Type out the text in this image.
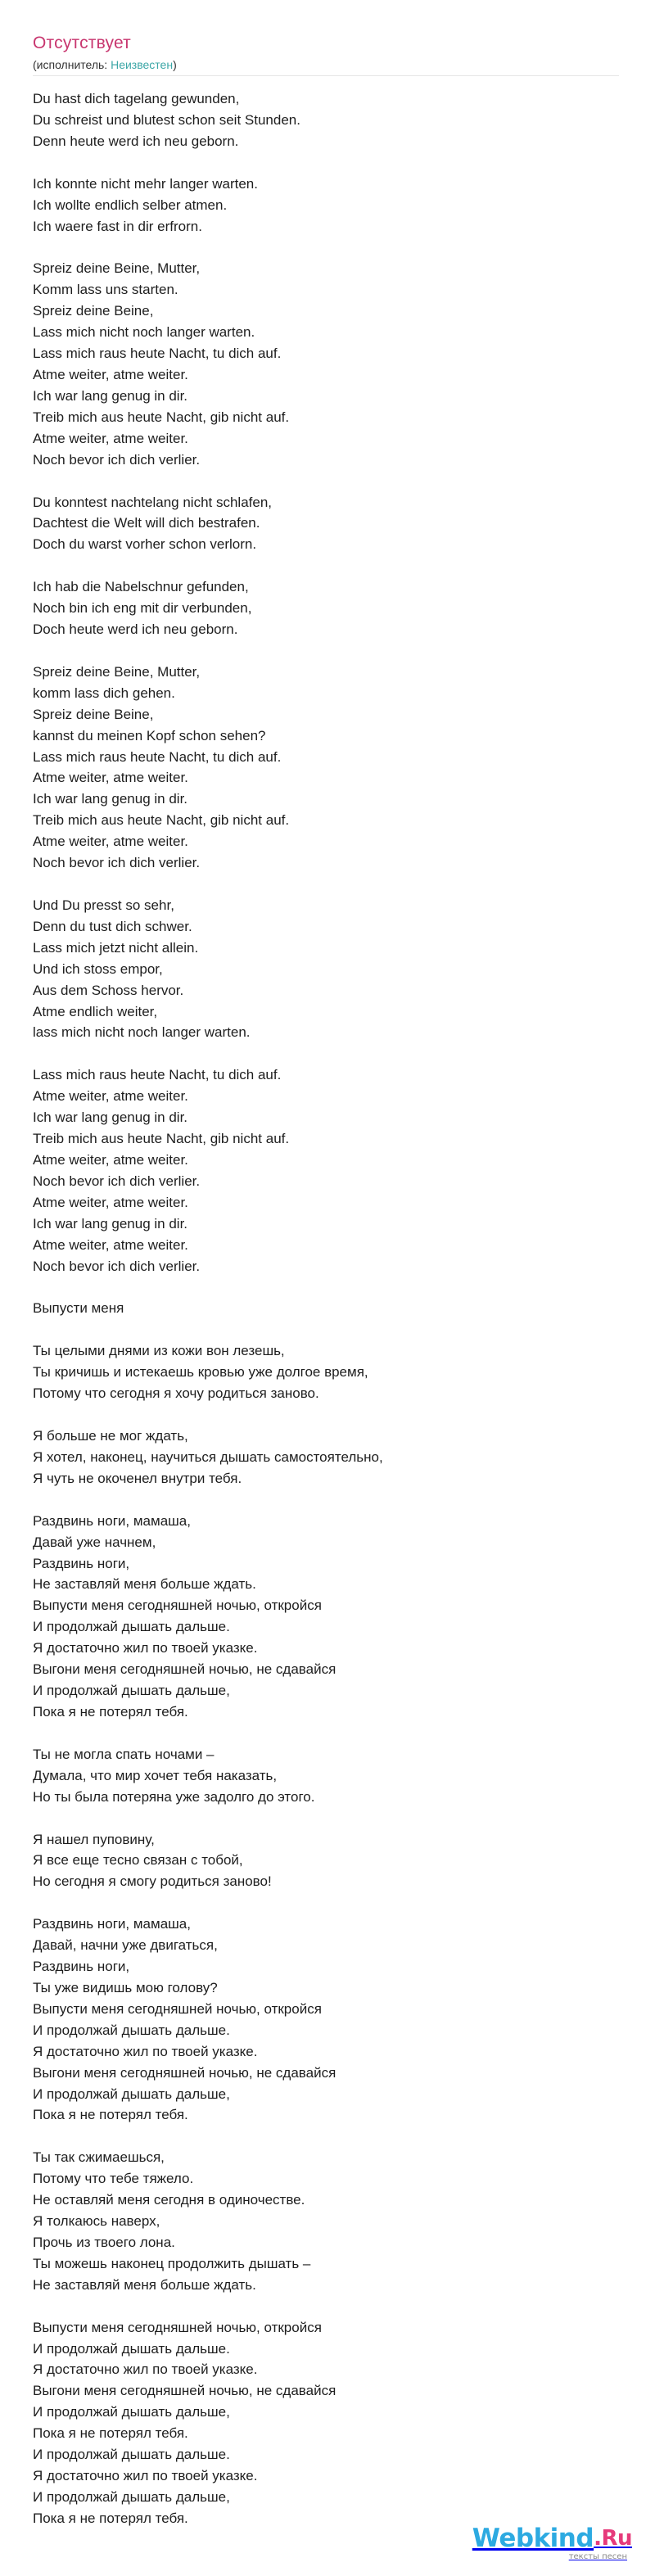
Отсутствует
(исполнитель: Неизвестен)
Du hast dich tagelang gewunden,
Du schreist und blutest schon seit Stunden.
Denn heute werd ich neu geborn.
Ich konnte nicht mehr langer warten.
Ich wollte endlich selber atmen.
Ich waere fast in dir erfrorn.
Spreiz deine Beine, Mutter,
Komm lass uns starten.
Spreiz deine Beine,
Lass mich nicht noch langer warten.
Lass mich raus heute Nacht, tu dich auf.
Atme weiter, atme weiter.
Ich war lang genug in dir.
Treib mich aus heute Nacht, gib nicht auf.
Atme weiter, atme weiter.
Noch bevor ich dich verlier.
Du konntest nachtelang nicht schlafen,
Dachtest die Welt will dich bestrafen.
Doch du warst vorher schon verlorn.
Ich hab die Nabelschnur gefunden,
Noch bin ich eng mit dir verbunden,
Doch heute werd ich neu geborn.
Spreiz deine Beine, Mutter,
komm lass dich gehen.
Spreiz deine Beine,
kannst du meinen Kopf schon sehen?
Lass mich raus heute Nacht, tu dich auf.
Atme weiter, atme weiter.
Ich war lang genug in dir.
Treib mich aus heute Nacht, gib nicht auf.
Atme weiter, atme weiter.
Noch bevor ich dich verlier.
Und Du presst so sehr,
Denn du tust dich schwer.
Lass mich jetzt nicht allein.
Und ich stoss empor,
Aus dem Schoss hervor.
Atme endlich weiter,
lass mich nicht noch langer warten.
Lass mich raus heute Nacht, tu dich auf.
Atme weiter, atme weiter.
Ich war lang genug in dir.
Treib mich aus heute Nacht, gib nicht auf.
Atme weiter, atme weiter.
Noch bevor ich dich verlier.
Atme weiter, atme weiter.
Ich war lang genug in dir.
Atme weiter, atme weiter.
Noch bevor ich dich verlier.
Выпусти меня
Ты целыми днями из кожи вон лезешь,
Ты кричишь и истекаешь кровью уже долгое время,
Потому что сегодня я хочу родиться заново.
Я больше не мог ждать,
Я хотел, наконец, научиться дышать самостоятельно,
Я чуть не окоченел внутри тебя.
Раздвинь ноги, мамаша,
Давай уже начнем,
Раздвинь ноги,
Не заставляй меня больше ждать.
Выпусти меня сегодняшней ночью, откройся
И продолжай дышать дальше.
Я достаточно жил по твоей указке.
Выгони меня сегодняшней ночью, не сдавайся
И продолжай дышать дальше,
Пока я не потерял тебя.
Ты не могла спать ночами –
Думала, что мир хочет тебя наказать,
Но ты была потеряна уже задолго до этого.
Я нашел пуповину,
Я все еще тесно связан с тобой,
Но сегодня я смогу родиться заново!
Раздвинь ноги, мамаша,
Давай, начни уже двигаться,
Раздвинь ноги,
Ты уже видишь мою голову?
Выпусти меня сегодняшней ночью, откройся
И продолжай дышать дальше.
Я достаточно жил по твоей указке.
Выгони меня сегодняшней ночью, не сдавайся
И продолжай дышать дальше,
Пока я не потерял тебя.
Ты так сжимаешься,
Потому что тебе тяжело.
Не оставляй меня сегодня в одиночестве.
Я толкаюсь наверх,
Прочь из твоего лона.
Ты можешь наконец продолжить дышать –
Не заставляй меня больше ждать.
Выпусти меня сегодняшней ночью, откройся
И продолжай дышать дальше.
Я достаточно жил по твоей указке.
Выгони меня сегодняшней ночью, не сдавайся
И продолжай дышать дальше,
Пока я не потерял тебя.
И продолжай дышать дальше.
Я достаточно жил по твоей указке.
И продолжай дышать дальше,
Пока я не потерял тебя.
Webkind .Ru
тексты песен
